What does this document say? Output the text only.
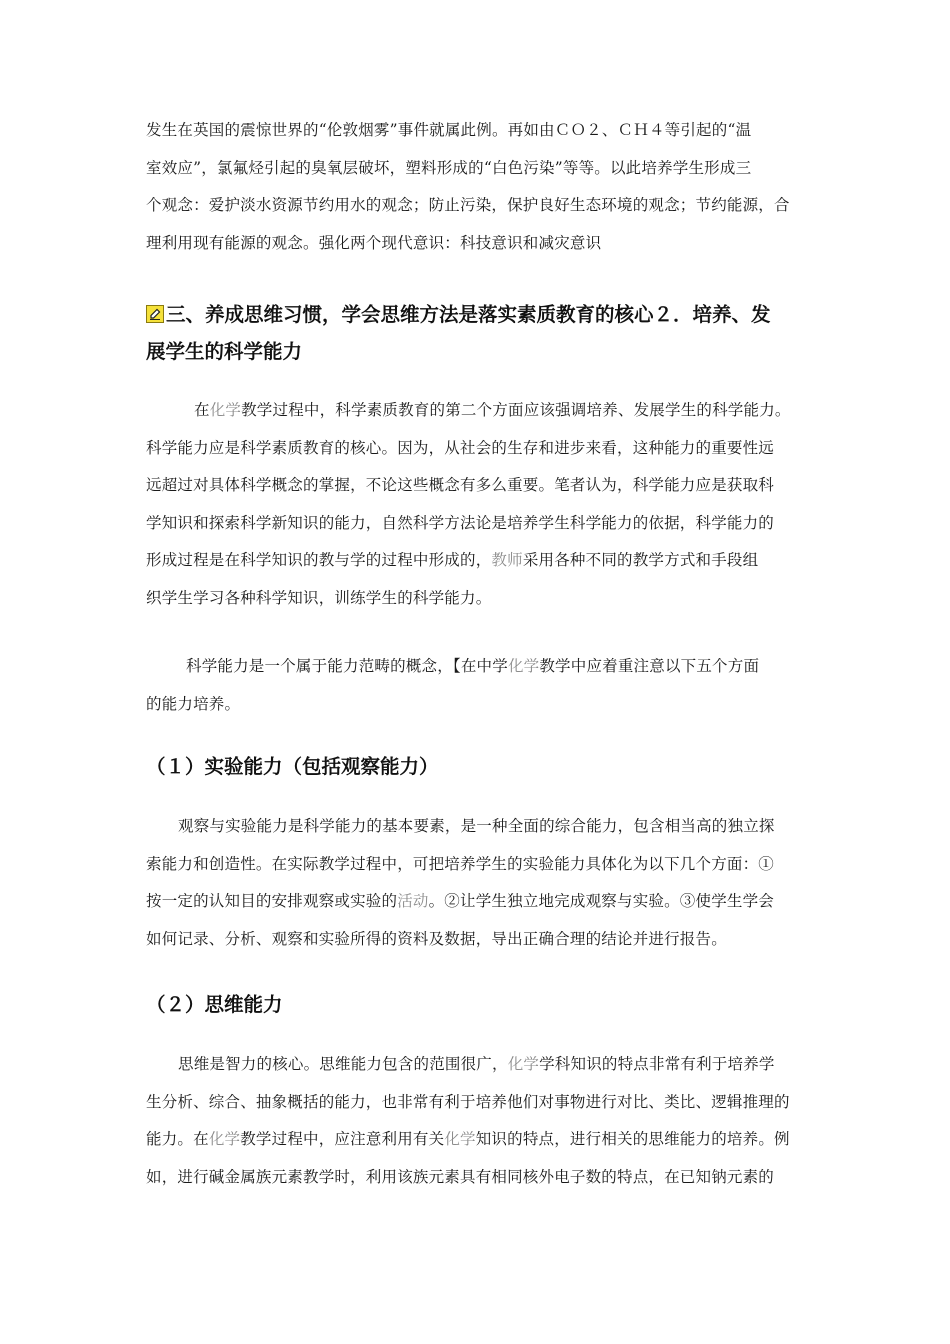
发生在英国的震惊世界的“伦敦烟雾”事件就属此例。再如由ＣＯ２、ＣＨ４等引起的“温
室效应”，氯氟烃引起的臭氧层破坏，塑料形成的“白色污染”等等。以此培养学生形成三
个观念：爱护淡水资源节约用水的观念；防止污染，保护良好生态环境的观念；节约能源，合
理利用现有能源的观念。强化两个现代意识：科技意识和减灾意识
三、养成思维习惯，学会思维方法是落实素质教育的核心２．培养、发
展学生的科学能力
在化学教学过程中，科学素质教育的第二个方面应该强调培养、发展学生的科学能力。
科学能力应是科学素质教育的核心。因为，从社会的生存和进步来看，这种能力的重要性远
远超过对具体科学概念的掌握，不论这些概念有多么重要。笔者认为，科学能力应是获取科
学知识和探索科学新知识的能力，自然科学方法论是培养学生科学能力的依据，科学能力的
形成过程是在科学知识的教与学的过程中形成的，教师采用各种不同的教学方式和手段组
织学生学习各种科学知识，训练学生的科学能力。
科学能力是一个属于能力范畴的概念，【在中学化学教学中应着重注意以下五个方面
的能力培养。
（１）实验能力（包括观察能力）
观察与实验能力是科学能力的基本要素，是一种全面的综合能力，包含相当高的独立探
索能力和创造性。在实际教学过程中，可把培养学生的实验能力具体化为以下几个方面：①
按一定的认知目的安排观察或实验的活动。②让学生独立地完成观察与实验。③使学生学会
如何记录、分析、观察和实验所得的资料及数据，导出正确合理的结论并进行报告。
（２）思维能力
思维是智力的核心。思维能力包含的范围很广，化学学科知识的特点非常有利于培养学
生分析、综合、抽象概括的能力，也非常有利于培养他们对事物进行对比、类比、逻辑推理的
能力。在化学教学过程中，应注意利用有关化学知识的特点，进行相关的思维能力的培养。例
如，进行碱金属族元素教学时，利用该族元素具有相同核外电子数的特点，在已知钠元素的
